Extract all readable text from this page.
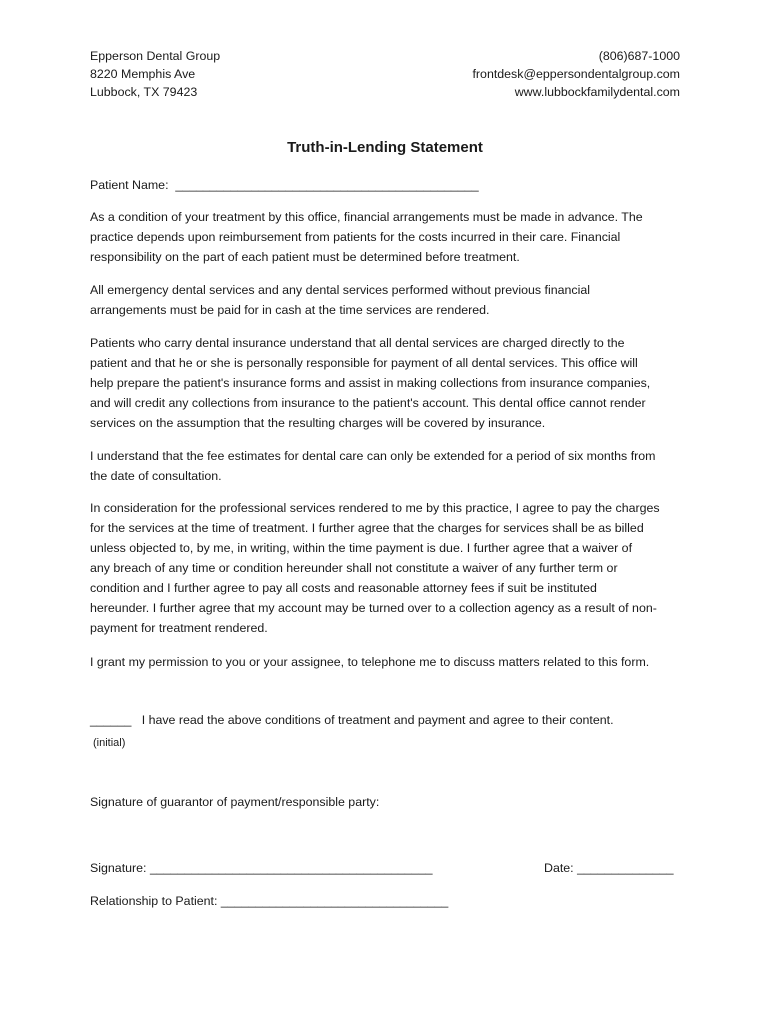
Epperson Dental Group
8220 Memphis Ave
Lubbock, TX 79423
(806)687-1000
frontdesk@eppersondentalgroup.com
www.lubbockfamilydental.com
Truth-in-Lending Statement
Patient Name: ____________________________________________
As a condition of your treatment by this office, financial arrangements must be made in advance. The
practice depends upon reimbursement from patients for the costs incurred in their care. Financial
responsibility on the part of each patient must be determined before treatment.
All emergency dental services and any dental services performed without previous financial
arrangements must be paid for in cash at the time services are rendered.
Patients who carry dental insurance understand that all dental services are charged directly to the
patient and that he or she is personally responsible for payment of all dental services. This office will
help prepare the patient's insurance forms and assist in making collections from insurance companies,
and will credit any collections from insurance to the patient's account. This dental office cannot render
services on the assumption that the resulting charges will be covered by insurance.
I understand that the fee estimates for dental care can only be extended for a period of six months from
the date of consultation.
In consideration for the professional services rendered to me by this practice, I agree to pay the charges
for the services at the time of treatment. I further agree that the charges for services shall be as billed
unless objected to, by me, in writing, within the time payment is due. I further agree that a waiver of
any breach of any time or condition hereunder shall not constitute a waiver of any further term or
condition and I further agree to pay all costs and reasonable attorney fees if suit be instituted
hereunder. I further agree that my account may be turned over to a collection agency as a result of non-
payment for treatment rendered.
I grant my permission to you or your assignee, to telephone me to discuss matters related to this form.
______ I have read the above conditions of treatment and payment and agree to their content.
(initial)
Signature of guarantor of payment/responsible party:
Signature: _________________________________________	Date: ______________
Relationship to Patient: _________________________________
